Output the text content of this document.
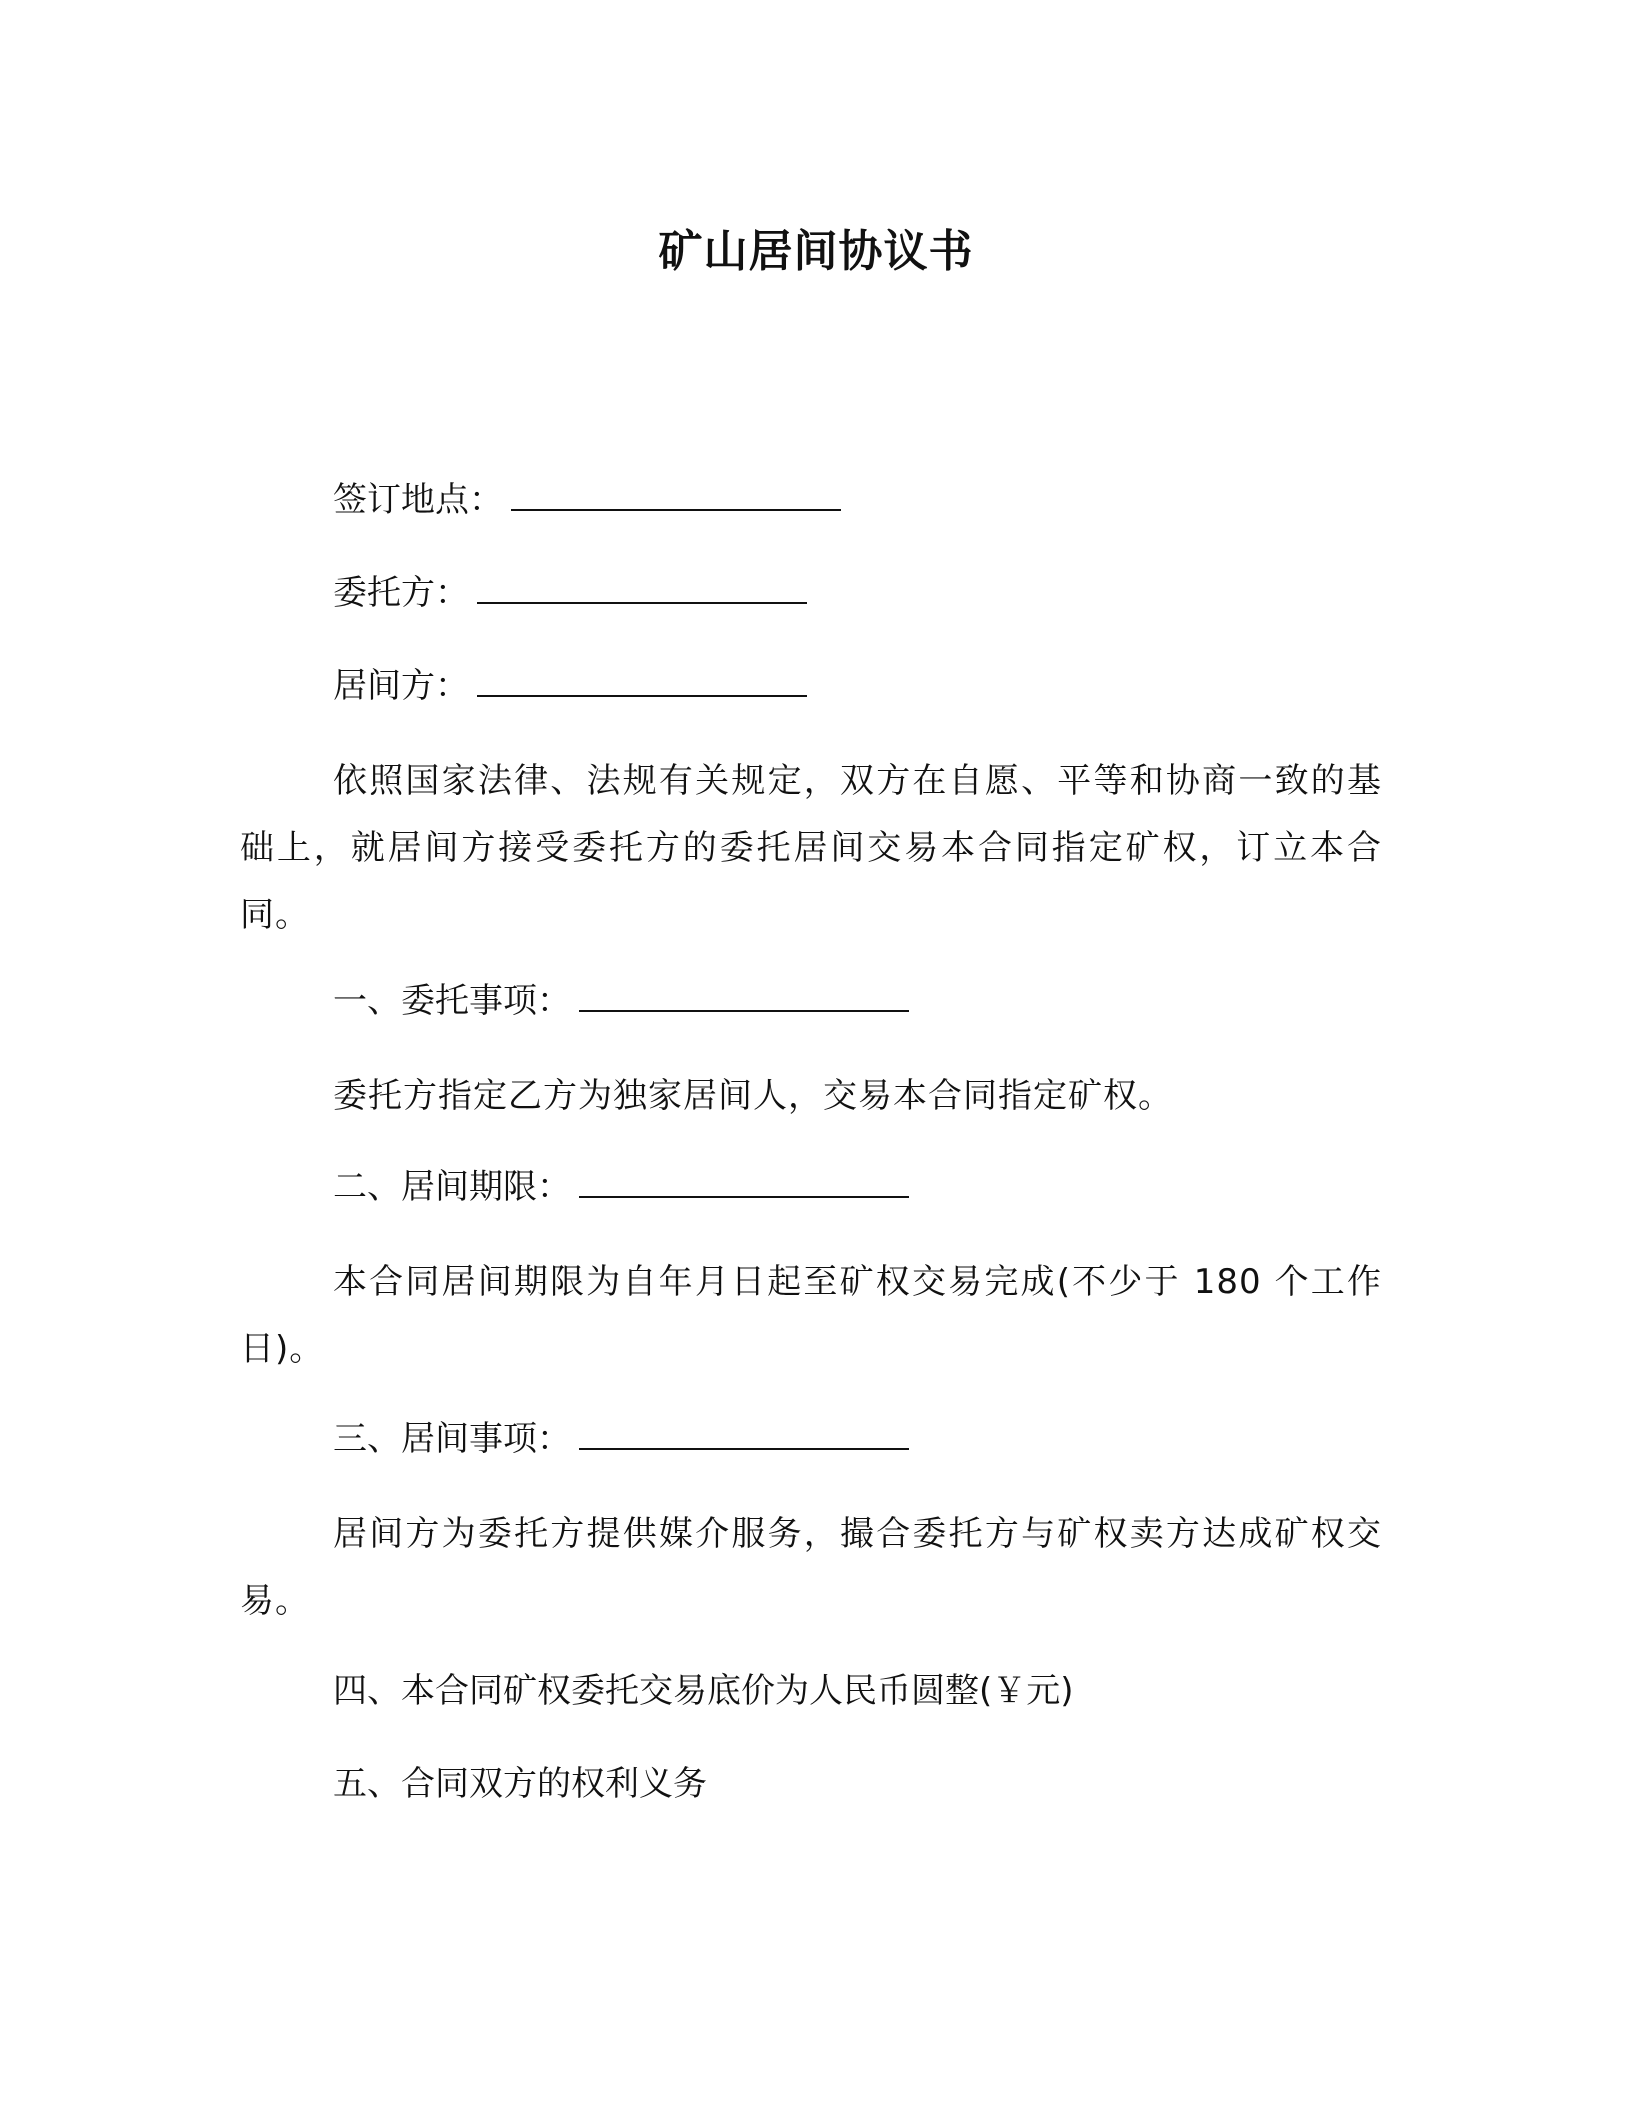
矿山居间协议书
签订地点：
委托方：
居间方：
依照国家法律、法规有关规定，双方在自愿、平等和协商一致的基础上，就居间方接受委托方的委托居间交易本合同指定矿权，订立本合同。
一、委托事项：
委托方指定乙方为独家居间人，交易本合同指定矿权。
二、居间期限：
本合同居间期限为自年月日起至矿权交易完成(不少于 180 个工作日)。
三、居间事项：
居间方为委托方提供媒介服务，撮合委托方与矿权卖方达成矿权交易。
四、本合同矿权委托交易底价为人民币圆整(￥元)
五、合同双方的权利义务
